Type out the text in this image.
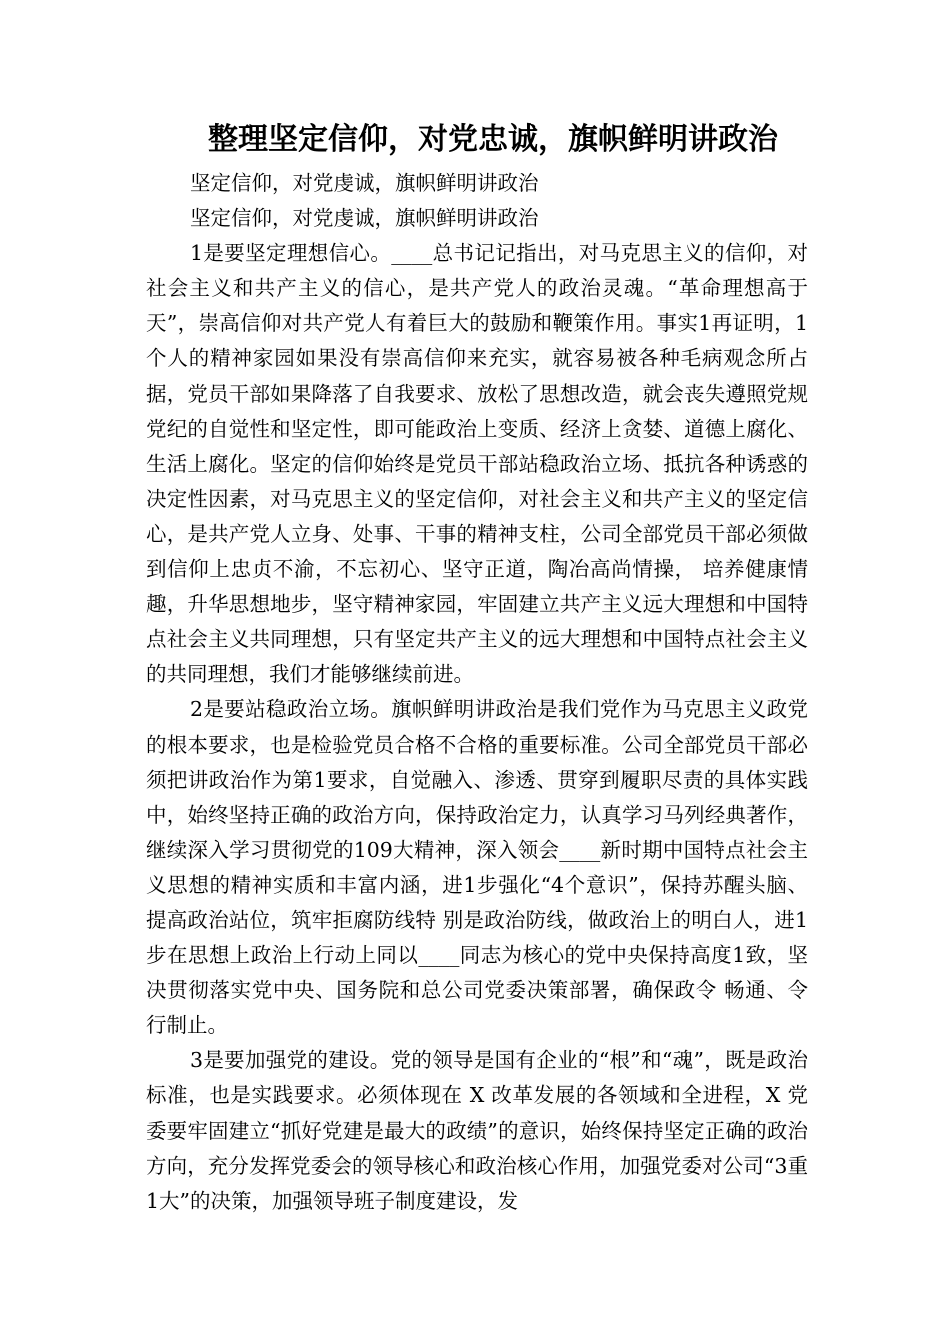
整理坚定信仰，对党忠诚，旗帜鲜明讲政治

坚定信仰，对党虔诚，旗帜鲜明讲政治

坚定信仰，对党虔诚，旗帜鲜明讲政治

1是要坚定理想信心。____总书记记指出，对马克思主义的信仰，对社会主义和共产主义的信心，是共产党人的政治灵魂。“革命理想高于天”，崇高信仰对共产党人有着巨大的鼓励和鞭策作用。事实1再证明，1个人的精神家园如果没有崇高信仰来充实，就容易被各种毛病观念所占据，党员干部如果降落了自我要求、放松了思想改造，就会丧失遵照党规党纪的自觉性和坚定性，即可能政治上变质、经济上贪婪、道德上腐化、生活上腐化。坚定的信仰始终是党员干部站稳政治立场、抵抗各种诱惑的决定性因素，对马克思主义的坚定信仰，对社会主义和共产主义的坚定信心，是共产党人立身、处事、干事的精神支柱，公司全部党员干部必须做到信仰上忠贞不渝，不忘初心、坚守正道，陶冶高尚情操， 培养健康情趣，升华思想地步，坚守精神家园，牢固建立共产主义远大理想和中国特点社会主义共同理想，只有坚定共产主义的远大理想和中国特点社会主义的共同理想，我们才能够继续前进。

2是要站稳政治立场。旗帜鲜明讲政治是我们党作为马克思主义政党的根本要求，也是检验党员合格不合格的重要标准。公司全部党员干部必须把讲政治作为第1要求，自觉融入、渗透、贯穿到履职尽责的具体实践中，始终坚持正确的政治方向，保持政治定力，认真学习马列经典著作，继续深入学习贯彻党的109大精神，深入领会____新时期中国特点社会主义思想的精神实质和丰富内涵，进1步强化“4个意识”，保持苏醒头脑、提高政治站位，筑牢拒腐防线特 别是政治防线，做政治上的明白人，进1步在思想上政治上行动上同以____同志为核心的党中央保持高度1致，坚决贯彻落实党中央、国务院和总公司党委决策部署，确保政令 畅通、令行制止。

3是要加强党的建设。党的领导是国有企业的“根”和“魂”，既是政治标准，也是实践要求。必须体现在 X 改革发展的各领域和全进程，X 党委要牢固建立“抓好党建是最大的政绩”的意识，始终保持坚定正确的政治方向，充分发挥党委会的领导核心和政治核心作用，加强党委对公司“3重1大”的决策，加强领导班子制度建设，发
